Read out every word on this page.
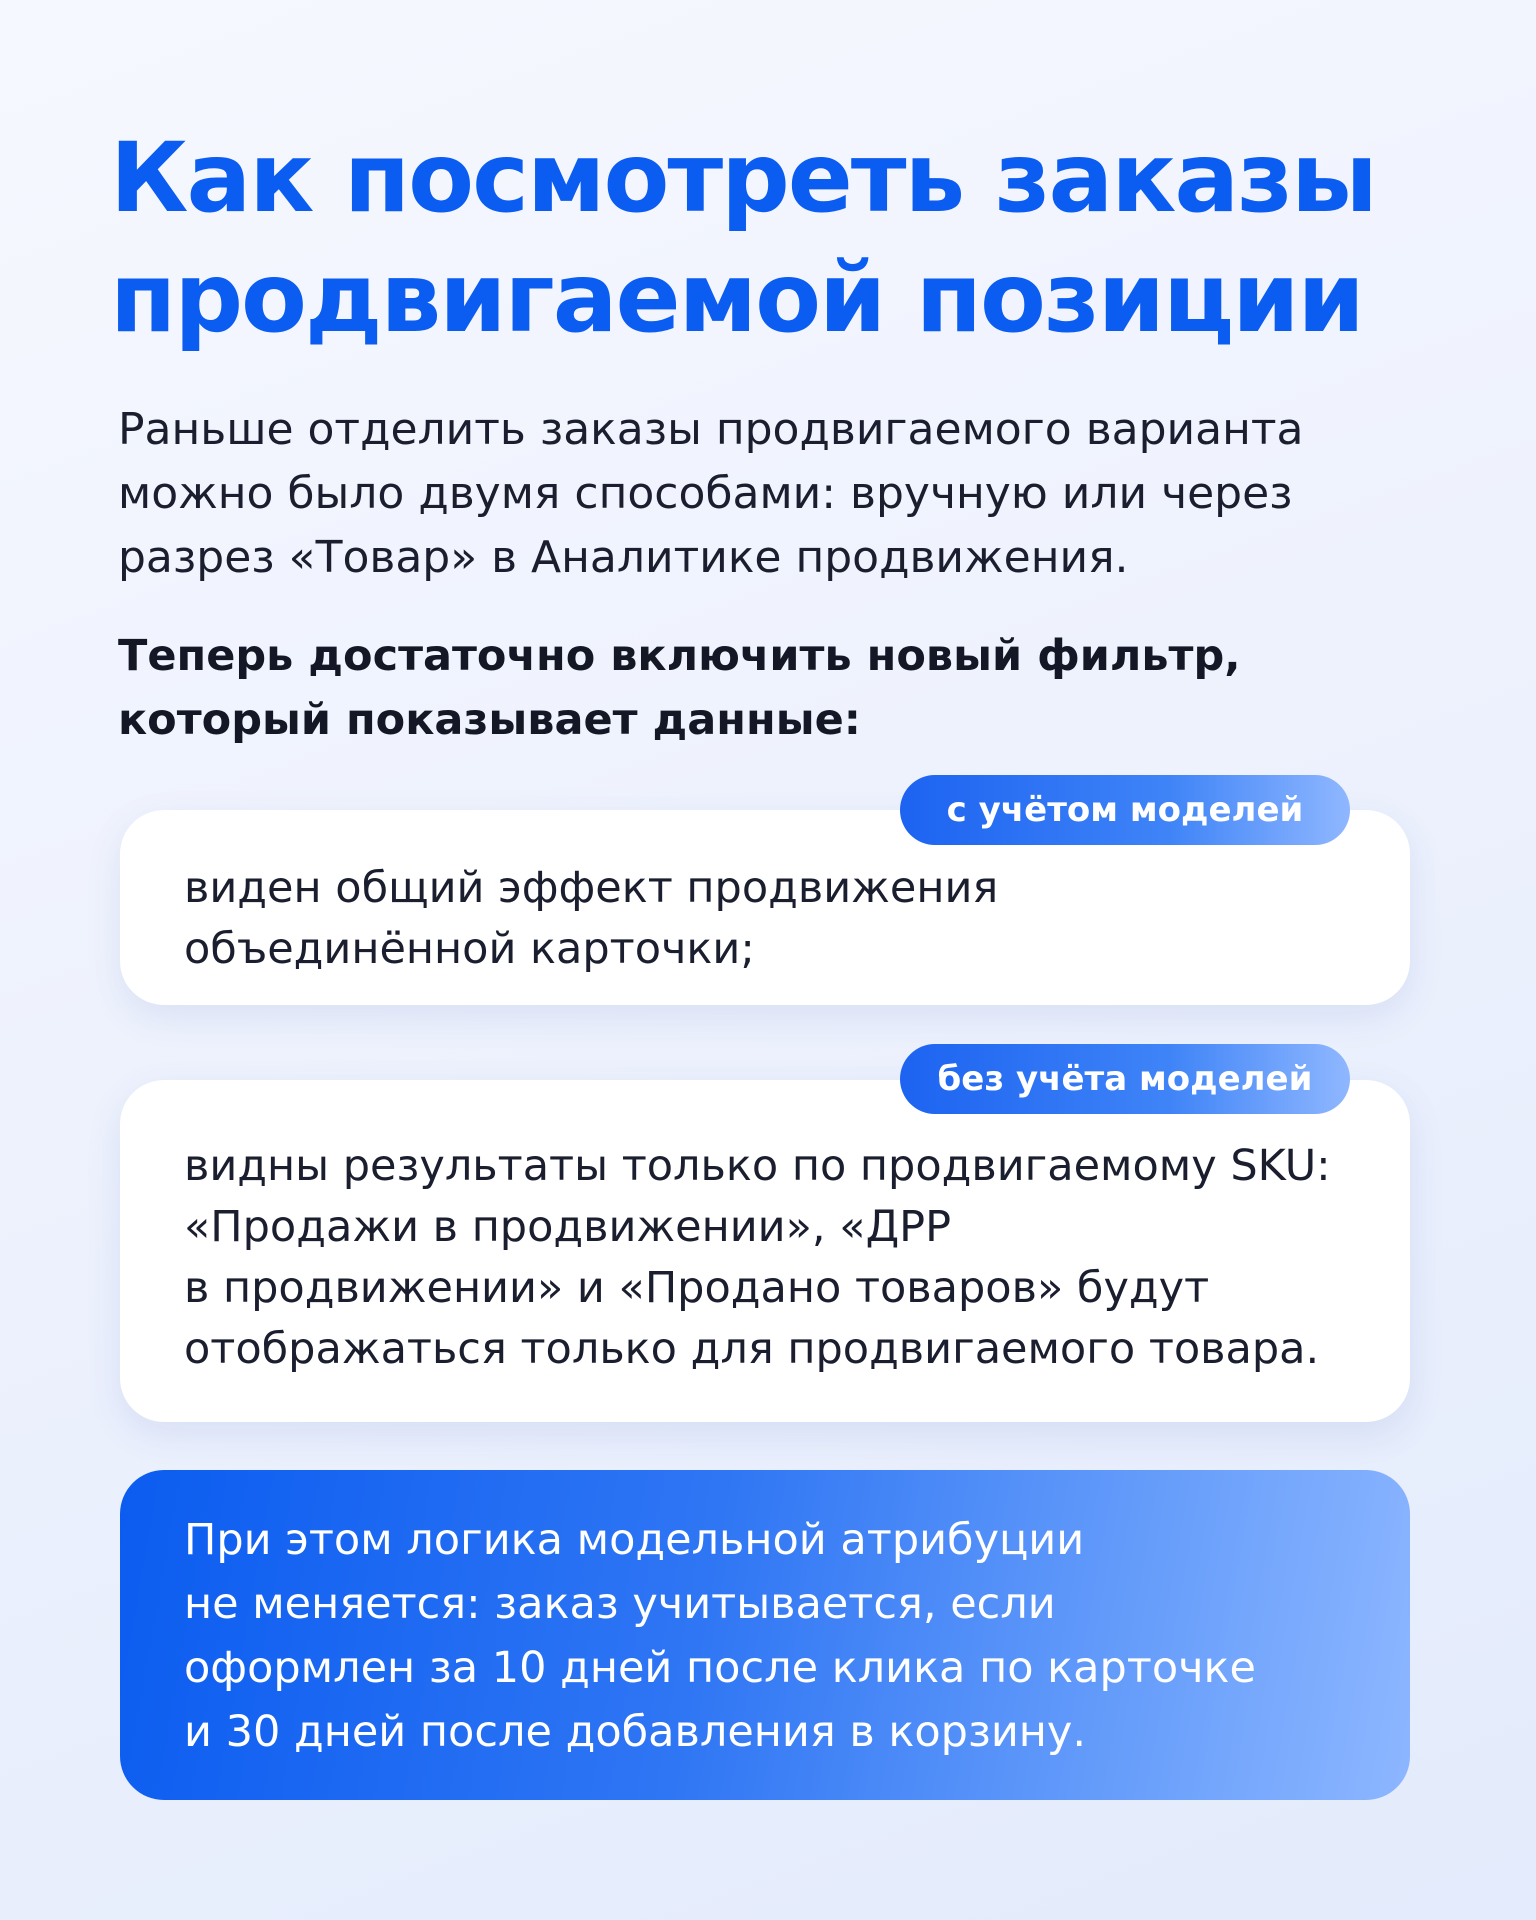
Как посмотреть заказы
продвигаемой позиции

Раньше отделить заказы продвигаемого варианта
можно было двумя способами: вручную или через
разрез «Товар» в Аналитике продвижения.

Теперь достаточно включить новый фильтр,
который показывает данные:

виден общий эффект продвижения
объединённой карточки;

с учётом моделей

видны результаты только по продвигаемому SKU:
«Продажи в продвижении», «ДРР
в продвижении» и «Продано товаров» будут
отображаться только для продвигаемого товара.

без учёта моделей

При этом логика модельной атрибуции
не меняется: заказ учитывается, если
оформлен за 10 дней после клика по карточке
и 30 дней после добавления в корзину.
